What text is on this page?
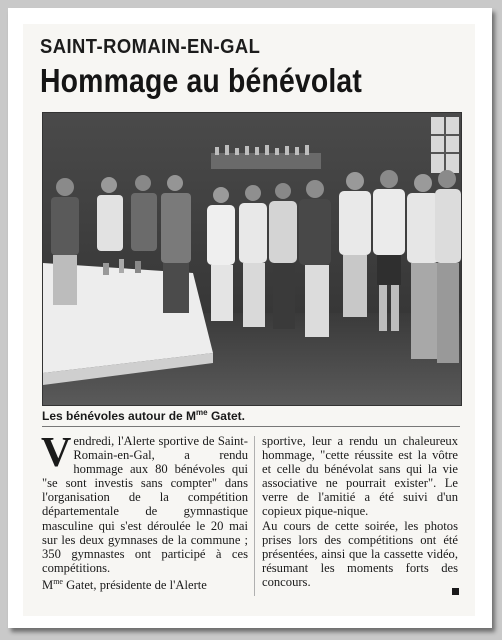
SAINT-ROMAIN-EN-GAL
Hommage au bénévolat

Les bénévoles autour de $M^{me}$ Gatet.

Vendredi, l'Alerte sportive de Saint-Romain-en-Gal, a rendu hommage aux 80 bénévoles qui "se sont investis sans compter" dans l'organisation de la compétition départementale de gymnastique masculine qui s'est déroulée le 20 mai sur les deux gymnases de la commune ; 350 gymnastes ont participé à ces compétitions.

$M^{me}$ Gatet, présidente de l'Alerte

sportive, leur a rendu un chaleureux hommage, "cette réussite est la vôtre et celle du bénévolat sans qui la vie associative ne pourrait exister". Le verre de l'amitié a été suivi d'un copieux pique-nique.

Au cours de cette soirée, les photos prises lors des compétitions ont été présentées, ainsi que la cassette vidéo, résumant les moments forts des concours.
